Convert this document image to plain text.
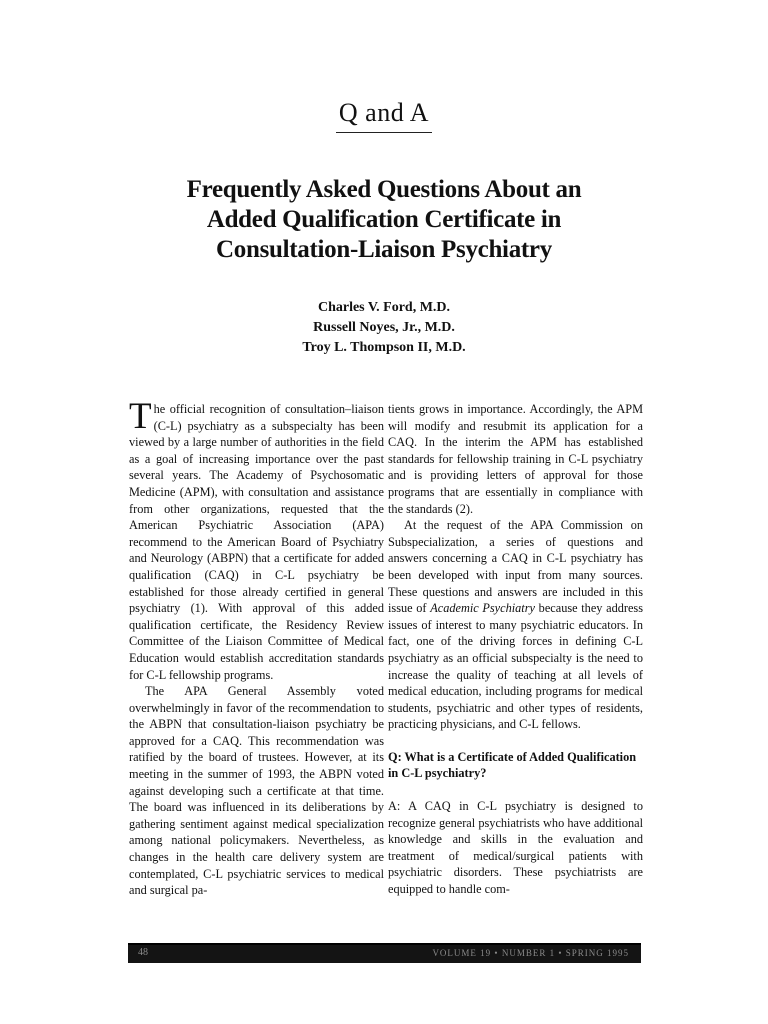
Q and A
Frequently Asked Questions About an
Added Qualification Certificate in
Consultation-Liaison Psychiatry
Charles V. Ford, M.D.
Russell Noyes, Jr., M.D.
Troy L. Thompson II, M.D.

The official recognition of consultation–liaison (C-L) psychiatry as a subspecialty has been viewed by a large number of authorities in the field as a goal of increasing importance over the past several years. The Academy of Psychosomatic Medicine (APM), with consultation and assistance from other organizations, requested that the American Psychiatric Association (APA) recommend to the American Board of Psychiatry and Neurology (ABPN) that a certificate for added qualification (CAQ) in C-L psychiatry be established for those already certified in general psychiatry (1). With approval of this added qualification certificate, the Residency Review Committee of the Liaison Committee of Medical Education would establish accreditation standards for C-L fellowship programs.

The APA General Assembly voted overwhelmingly in favor of the recommendation to the ABPN that consultation-liaison psychiatry be approved for a CAQ. This recommendation was ratified by the board of trustees. However, at its meeting in the summer of 1993, the ABPN voted against developing such a certificate at that time. The board was influenced in its deliberations by gathering sentiment against medical specialization among national policymakers. Nevertheless, as changes in the health care delivery system are contemplated, C-L psychiatric services to medical and surgical pa-

tients grows in importance. Accordingly, the APM will modify and resubmit its application for a CAQ. In the interim the APM has established standards for fellowship training in C-L psychiatry and is providing letters of approval for those programs that are essentially in compliance with the standards (2).

At the request of the APA Commission on Subspecialization, a series of questions and answers concerning a CAQ in C-L psychiatry has been developed with input from many sources. These questions and answers are included in this issue of Academic Psychiatry because they address issues of interest to many psychiatric educators. In fact, one of the driving forces in defining C-L psychiatry as an official subspecialty is the need to increase the quality of teaching at all levels of medical education, including programs for medical students, psychiatric and other types of residents, practicing physicians, and C-L fellows.

Q: What is a Certificate of Added Qualification in C-L psychiatry?

A: A CAQ in C-L psychiatry is designed to recognize general psychiatrists who have additional knowledge and skills in the evaluation and treatment of medical/surgical patients with psychiatric disorders. These psychiatrists are equipped to handle com-

48	VOLUME 19 • NUMBER 1 • SPRING 1995
